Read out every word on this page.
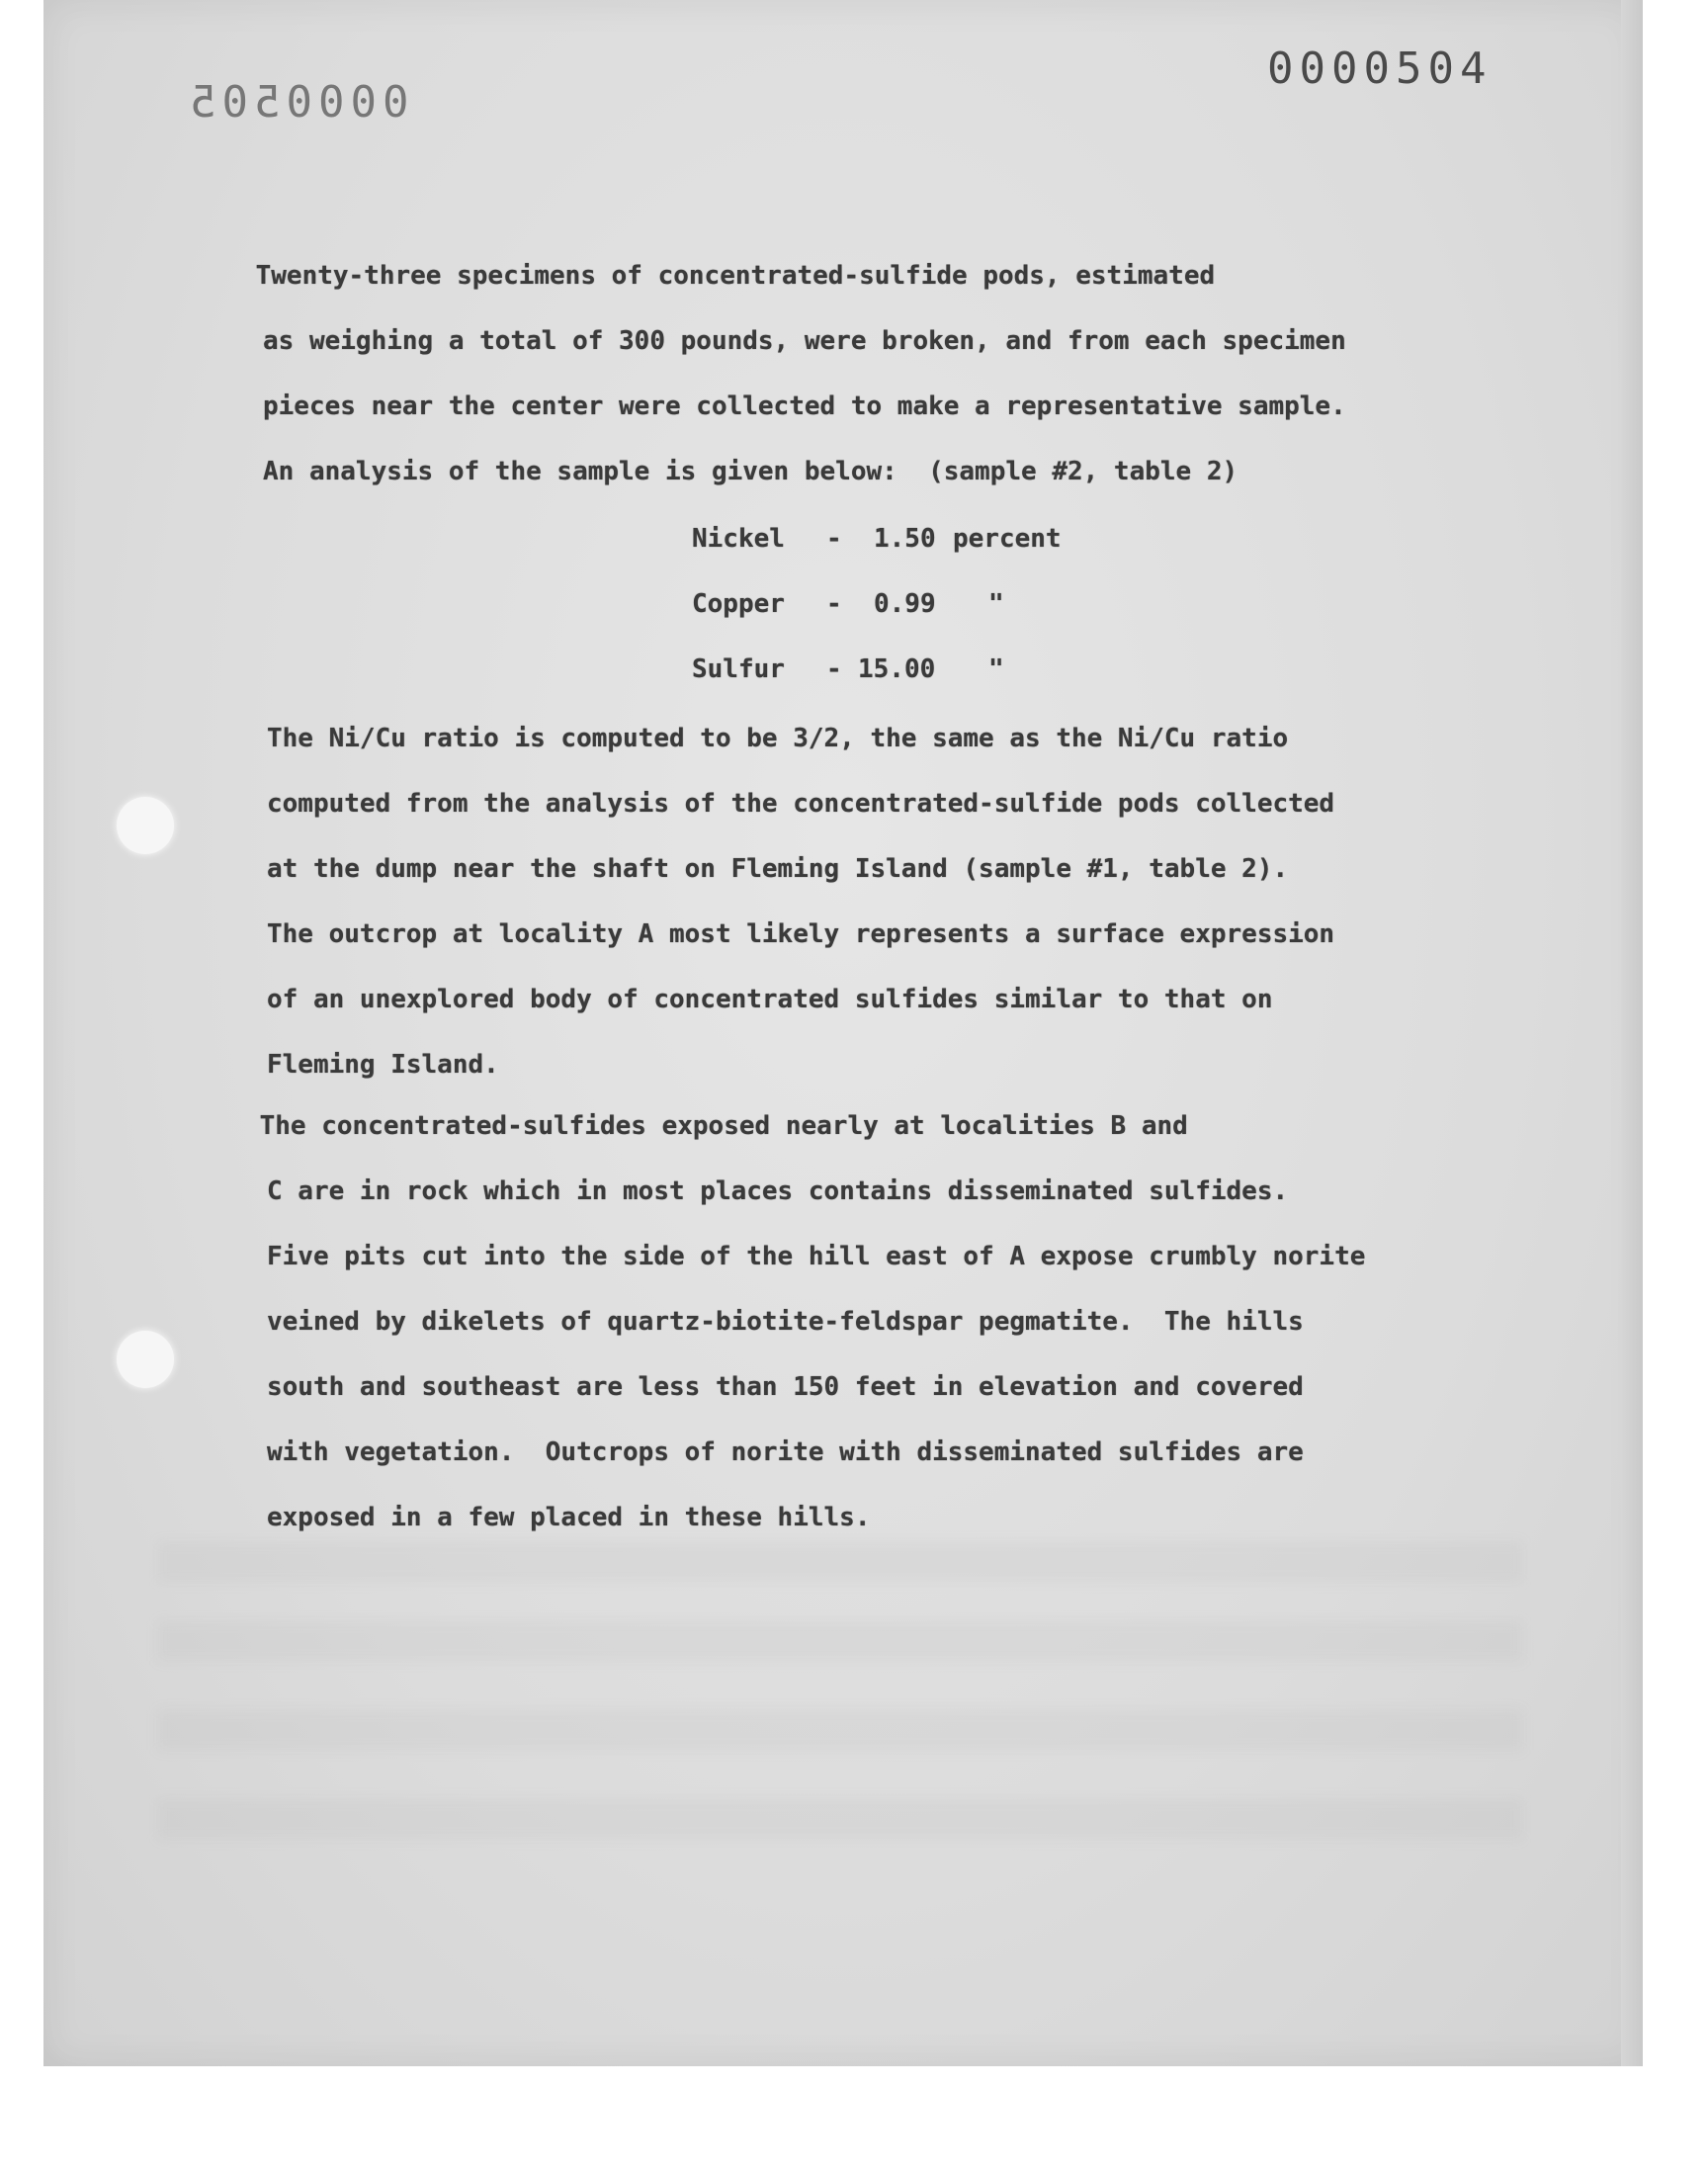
0000504

0000505

Twenty-three specimens of concentrated-sulfide pods, estimated

as weighing a total of 300 pounds, were broken, and from each specimen

pieces near the center were collected to make a representative sample.

An analysis of the sample is given below:  (sample #2, table 2)

Nickel - 1.50 percent

Copper - 0.99 "

Sulfur - 15.00 "

The Ni/Cu ratio is computed to be 3/2, the same as the Ni/Cu ratio

computed from the analysis of the concentrated-sulfide pods collected

at the dump near the shaft on Fleming Island (sample #1, table 2).

The outcrop at locality A most likely represents a surface expression

of an unexplored body of concentrated sulfides similar to that on

Fleming Island.

The concentrated-sulfides exposed nearly at localities B and

C are in rock which in most places contains disseminated sulfides.

Five pits cut into the side of the hill east of A expose crumbly norite

veined by dikelets of quartz-biotite-feldspar pegmatite.  The hills

south and southeast are less than 150 feet in elevation and covered

with vegetation.  Outcrops of norite with disseminated sulfides are

exposed in a few placed in these hills.
